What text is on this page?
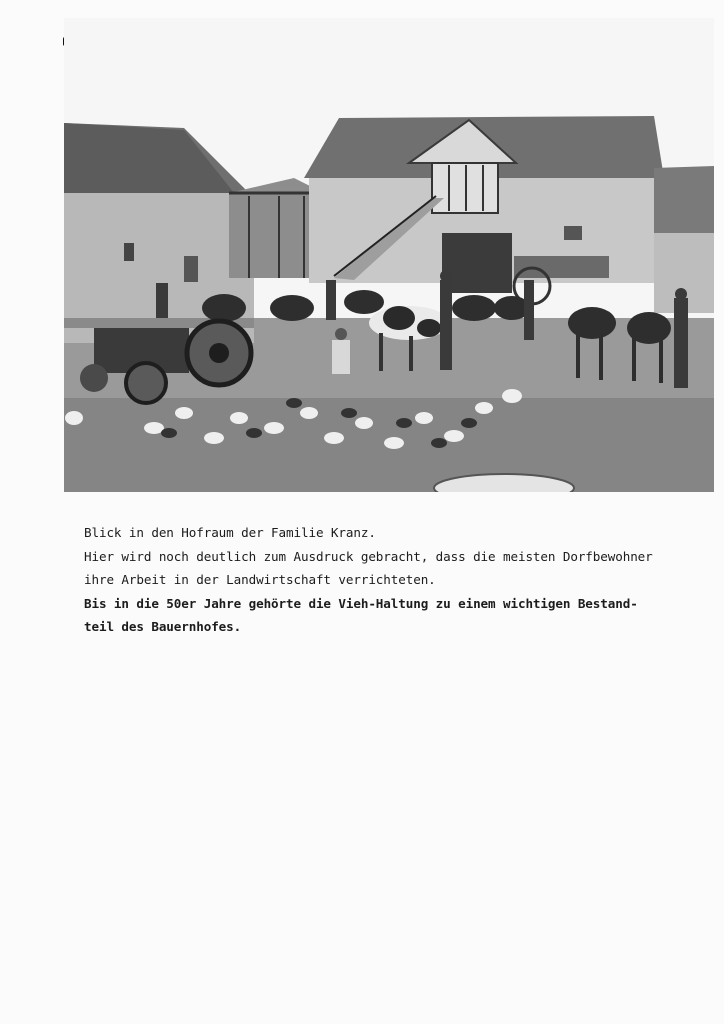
Blick in den Hofraum der Familie Kranz.
Hier wird noch deutlich zum Ausdruck gebracht, dass die meisten Dorfbewohner
ihre Arbeit in der Landwirtschaft verrichteten.
Bis in die 50er Jahre gehörte die Vieh-Haltung zu einem wichtigen Bestand-
teil des Bauernhofes.
